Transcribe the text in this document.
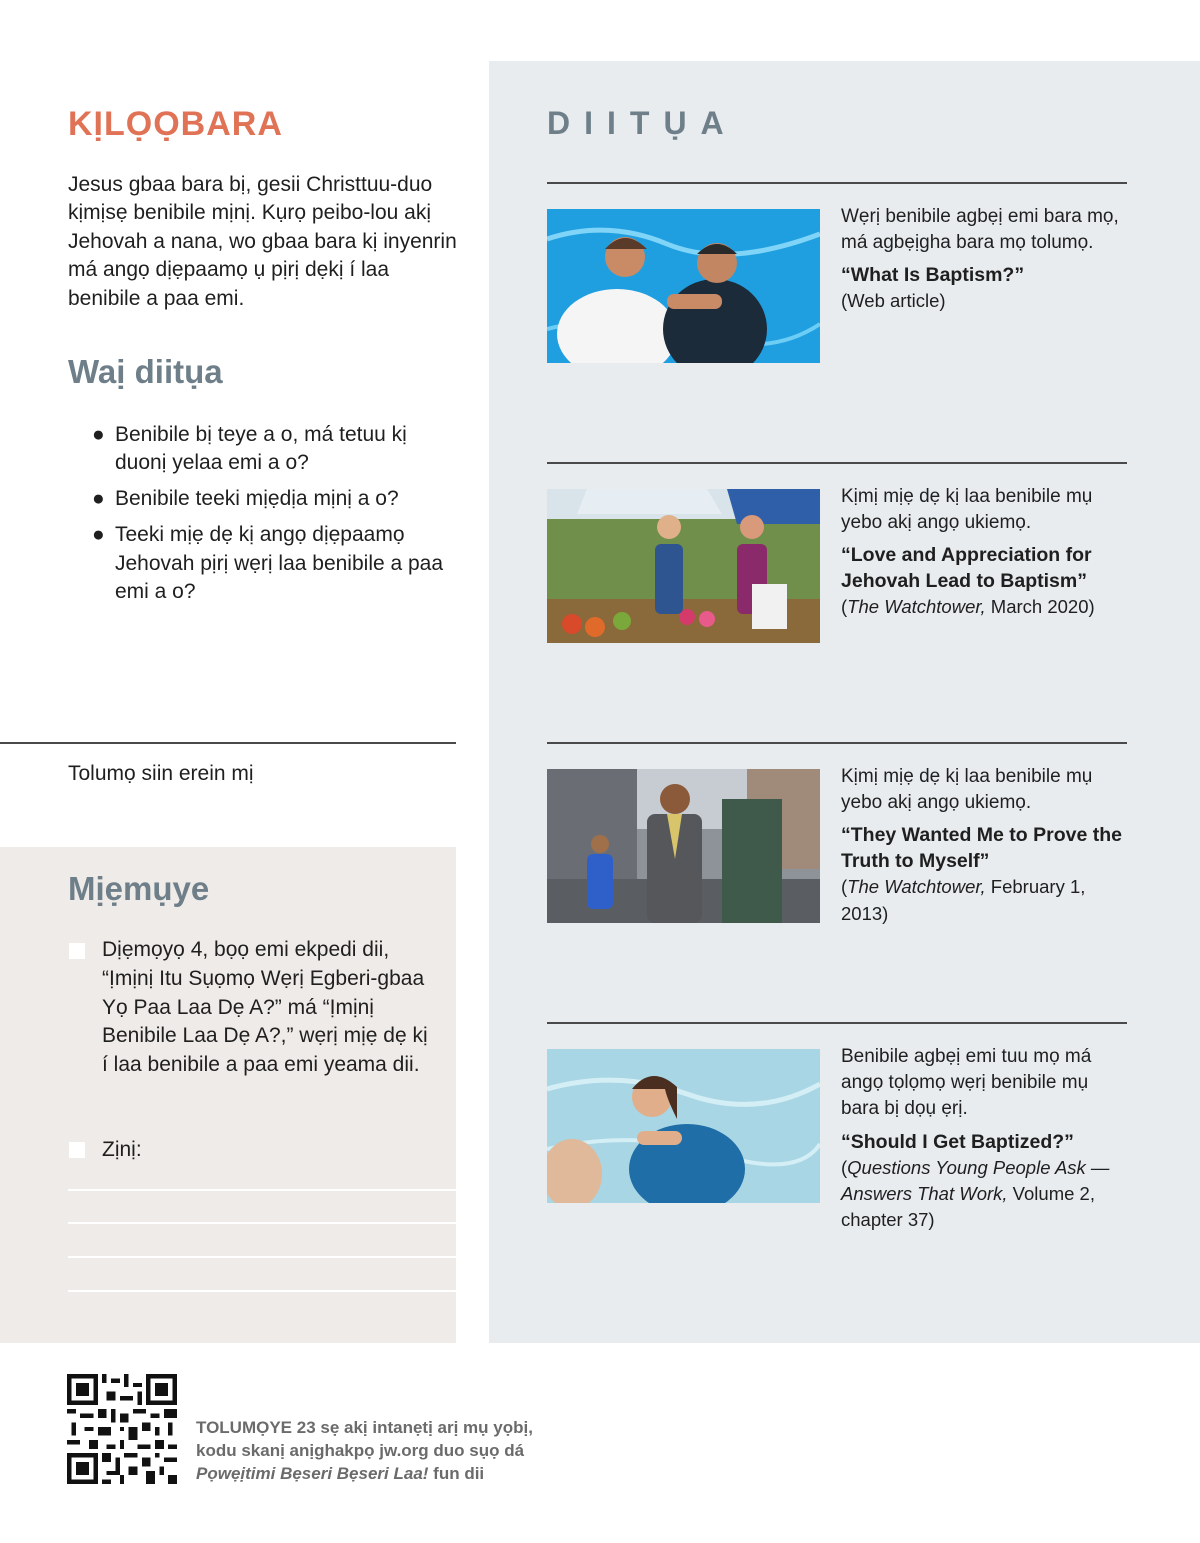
KỊLỌỌBARA

Jesus gbaa bara bị, gesii Christtuu-duo kịmịsẹ benibile mịnị. Kụrọ peibo-lou akị Jehovah a nana, wo gbaa bara kị inyenrin má angọ dịẹpaamọ ụ pịrị dẹkị í laa benibile a paa emi.

Waị diitụa
● Benibile bị teye a o, má tetuu kị duonị yelaa emi a o?
● Benibile teeki mịẹdịa mịnị a o?
● Teeki mịẹ dẹ kị angọ dịẹpaamọ Jehovah pịrị wẹrị laa benibile a paa emi a o?
Tolumọ siin erein mị
Mịẹmụye
Dịẹmọyọ 4, bọọ emi ekpedi dii, “Ịmịnị Itu Sụọmọ Wẹrị Egberi-gbaa Yọ Paa Laa Dẹ A?” má “Ịmịnị Benibile Laa Dẹ A?,” wẹrị mịẹ dẹ kị í laa benibile a paa emi yeama dii.
Zịnị:
DIITỤA

Wẹrị benibile agbẹị emi bara mọ, má agbẹịgha bara mọ tolumọ.

“What Is Baptism?”

(Web article)

Kịmị mịẹ dẹ kị laa benibile mụ yebo akị angọ ukiemọ.

“Love and Appreciation for Jehovah Lead to Baptism”

(The Watchtower, March 2020)

Kịmị mịẹ dẹ kị laa benibile mụ yebo akị angọ ukiemọ.

“They Wanted Me to Prove the Truth to Myself”

(The Watchtower, February 1, 2013)

Benibile agbẹị emi tuu mọ má angọ tọlọmọ wẹrị benibile mụ bara bị dọụ ẹrị.

“Should I Get Baptized?”

(Questions Young People Ask —Answers That Work, Volume 2, chapter 37)

TOLUMỌYE 23 sẹ akị intanẹtị arị mụ yọbị, kodu skanị anịghakpọ jw.org duo sụọ dá Pọwẹịtimi Bẹseri Bẹseri Laa! fun dii
